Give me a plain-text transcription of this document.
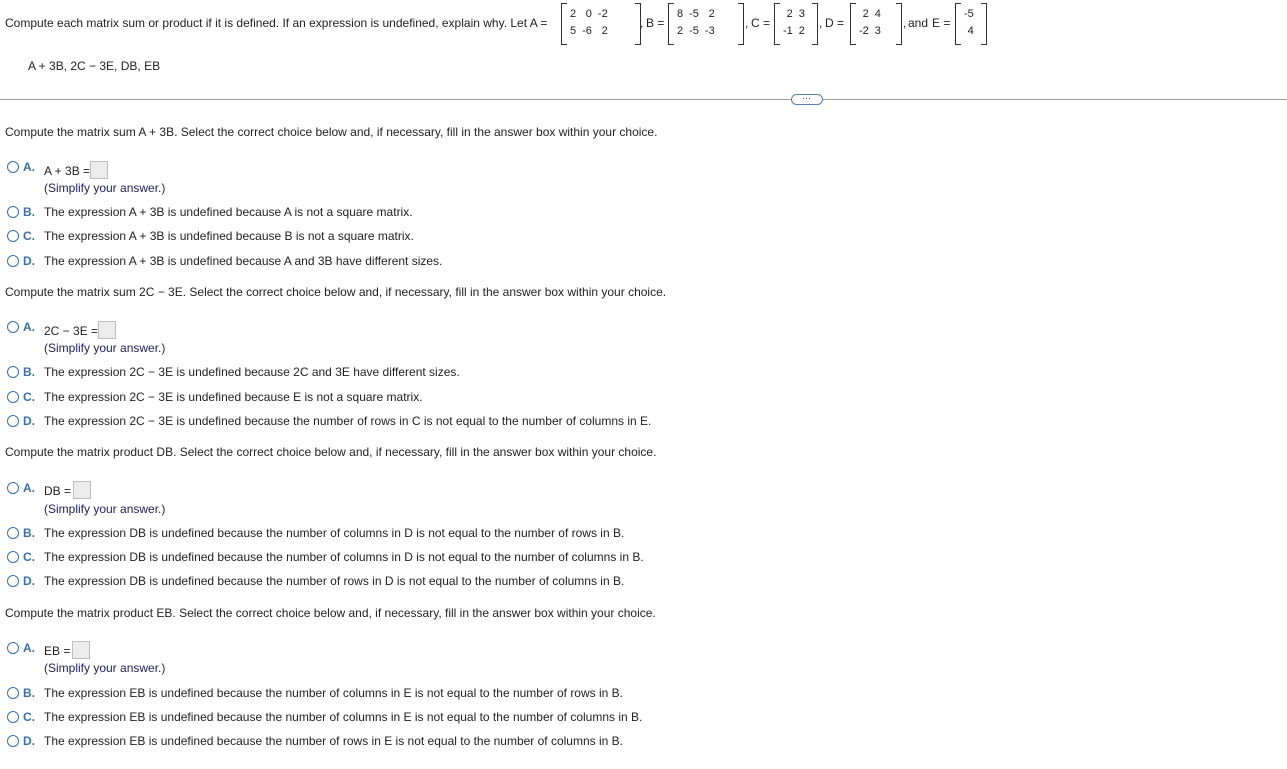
Compute each matrix sum or product if it is defined. If an expression is undefined, explain why. Let A =
2	0	-2
5	-6	2
, B =
8	-5	2
2	-5	-3
, C =
2	3
-1	2
, D =
2	4
-2	3
, and E =
-5
4
A + 3B, 2C − 3E, DB, EB
⋯
Compute the matrix sum A + 3B. Select the correct choice below and, if necessary, fill in the answer box within your choice.
A. A + 3B =
(Simplify your answer.)
B. The expression A + 3B is undefined because A is not a square matrix.
C. The expression A + 3B is undefined because B is not a square matrix.
D. The expression A + 3B is undefined because A and 3B have different sizes.
Compute the matrix sum 2C − 3E. Select the correct choice below and, if necessary, fill in the answer box within your choice.
A. 2C − 3E =
(Simplify your answer.)
B. The expression 2C − 3E is undefined because 2C and 3E have different sizes.
C. The expression 2C − 3E is undefined because E is not a square matrix.
D. The expression 2C − 3E is undefined because the number of rows in C is not equal to the number of columns in E.
Compute the matrix product DB. Select the correct choice below and, if necessary, fill in the answer box within your choice.
A. DB =
(Simplify your answer.)
B. The expression DB is undefined because the number of columns in D is not equal to the number of rows in B.
C. The expression DB is undefined because the number of columns in D is not equal to the number of columns in B.
D. The expression DB is undefined because the number of rows in D is not equal to the number of columns in B.
Compute the matrix product EB. Select the correct choice below and, if necessary, fill in the answer box within your choice.
A. EB =
(Simplify your answer.)
B. The expression EB is undefined because the number of columns in E is not equal to the number of rows in B.
C. The expression EB is undefined because the number of columns in E is not equal to the number of columns in B.
D. The expression EB is undefined because the number of rows in E is not equal to the number of columns in B.
